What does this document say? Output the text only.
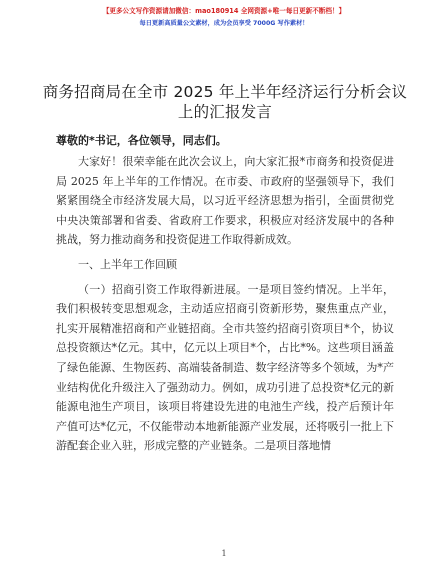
【更多公文写作资源请加微信：mao180914 全网资源+唯一每日更新不断档！】
每日更新高质量公文素材，成为会员享受 7000G 写作素材！
商务招商局在全市 2025 年上半年经济运行分析会议上的汇报发言
尊敬的*书记，各位领导，同志们。

大家好！很荣幸能在此次会议上，向大家汇报*市商务和投资促进局 2025 年上半年的工作情况。在市委、市政府的坚强领导下，我们紧紧围绕全市经济发展大局，以习近平经济思想为指引，全面贯彻党中央决策部署和省委、省政府工作要求，积极应对经济发展中的各种挑战，努力推动商务和投资促进工作取得新成效。

一、上半年工作回顾

（一）招商引资工作取得新进展。一是项目签约情况。上半年，我们积极转变思想观念，主动适应招商引资新形势，聚焦重点产业，扎实开展精准招商和产业链招商。全市共签约招商引资项目*个，协议总投资额达*亿元。其中，亿元以上项目*个，占比*%。这些项目涵盖了绿色能源、生物医药、高端装备制造、数字经济等多个领域，为*产业结构优化升级注入了强劲动力。例如，成功引进了总投资*亿元的新能源电池生产项目，该项目将建设先进的电池生产线，投产后预计年产值可达*亿元，不仅能带动本地新能源产业发展，还将吸引一批上下游配套企业入驻，形成完整的产业链条。二是项目落地情

1
